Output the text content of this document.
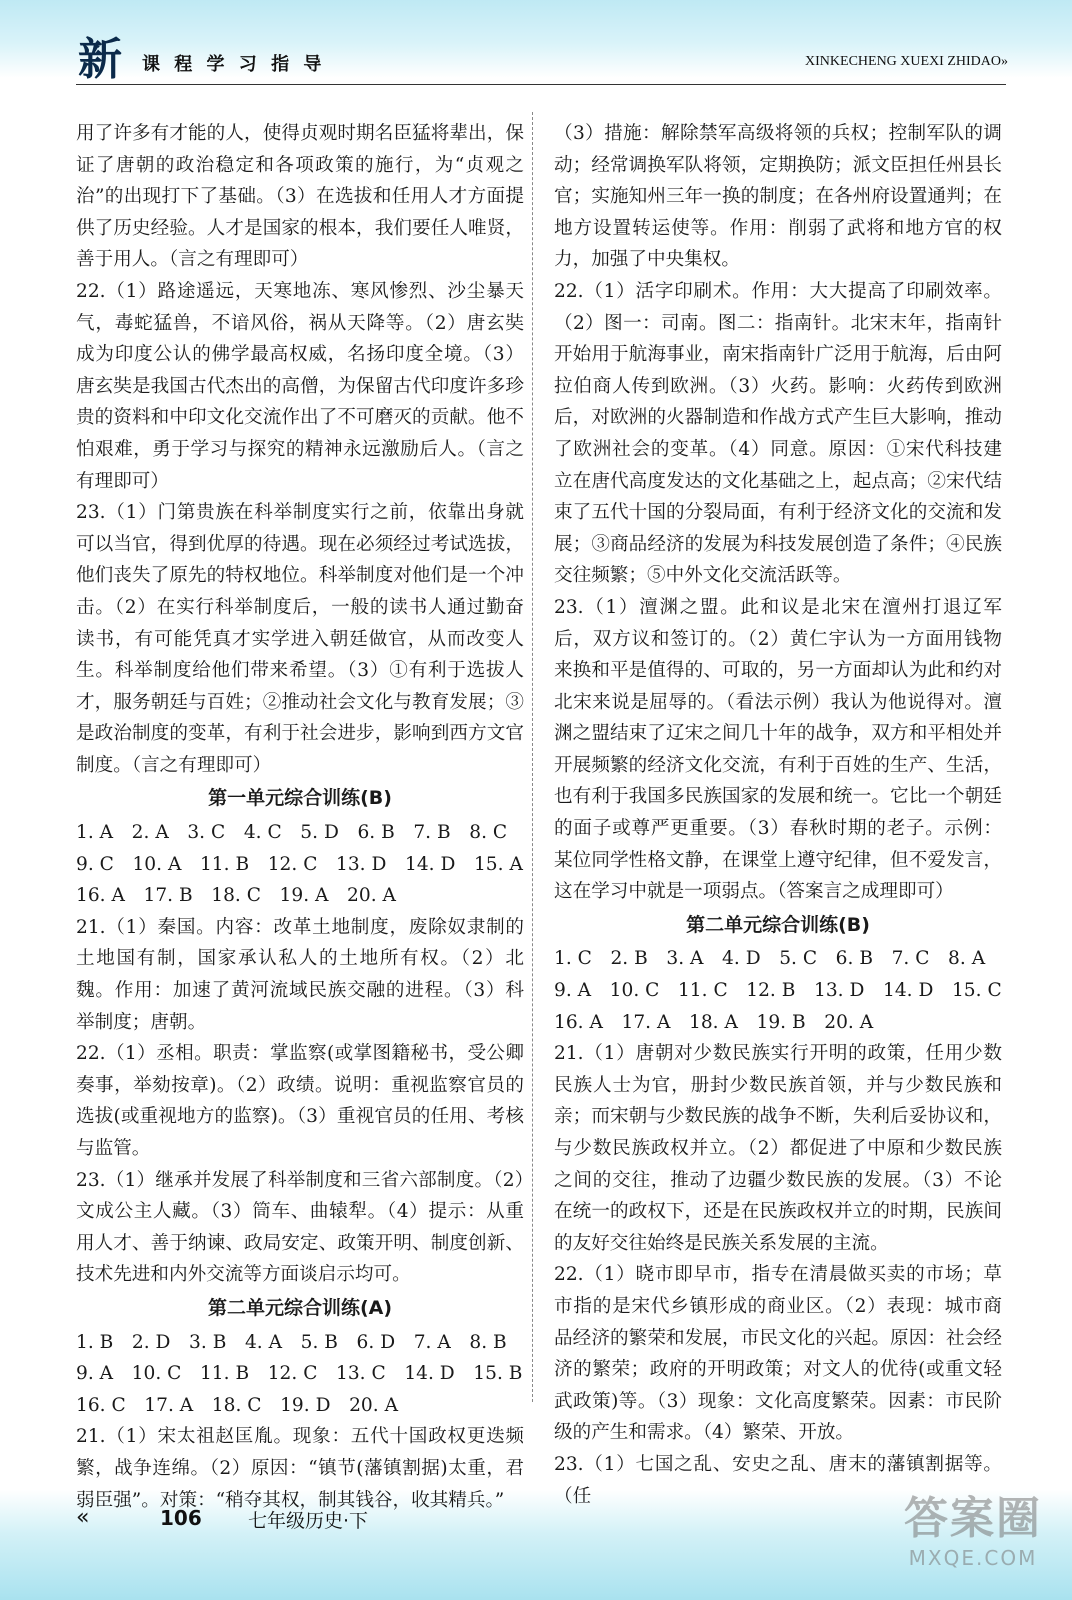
新 课 程 学 习 指 导	XINKECHENG XUEXI ZHIDAO»

用了许多有才能的人，使得贞观时期名臣猛将辈出，保证了唐朝的政治稳定和各项政策的施行，为“贞观之治”的出现打下了基础。（3）在选拔和任用人才方面提供了历史经验。人才是国家的根本，我们要任人唯贤，善于用人。（言之有理即可）

22.（1）路途遥远，天寒地冻、寒风惨烈、沙尘暴天气，毒蛇猛兽，不谙风俗，祸从天降等。（2）唐玄奘成为印度公认的佛学最高权威，名扬印度全境。（3）唐玄奘是我国古代杰出的高僧，为保留古代印度许多珍贵的资料和中印文化交流作出了不可磨灭的贡献。他不怕艰难，勇于学习与探究的精神永远激励后人。（言之有理即可）

23.（1）门第贵族在科举制度实行之前，依靠出身就可以当官，得到优厚的待遇。现在必须经过考试选拔，他们丧失了原先的特权地位。科举制度对他们是一个冲击。（2）在实行科举制度后，一般的读书人通过勤奋读书，有可能凭真才实学进入朝廷做官，从而改变人生。科举制度给他们带来希望。（3）①有利于选拔人才，服务朝廷与百姓；②推动社会文化与教育发展；③是政治制度的变革，有利于社会进步，影响到西方文官制度。（言之有理即可）

第一单元综合训练(B)

1. A　2. A　3. C　4. C　5. D　6. B　7. B　8. C

9. C　10. A　11. B　12. C　13. D　14. D　15. A

16. A　17. B　18. C　19. A　20. A

21.（1）秦国。内容：改革土地制度，废除奴隶制的土地国有制，国家承认私人的土地所有权。（2）北魏。作用：加速了黄河流域民族交融的进程。（3）科举制度；唐朝。

22.（1）丞相。职责：掌监察(或掌图籍秘书，受公卿奏事，举劾按章)。（2）政绩。说明：重视监察官员的选拔(或重视地方的监察)。（3）重视官员的任用、考核与监管。

23.（1）继承并发展了科举制度和三省六部制度。（2）文成公主人藏。（3）筒车、曲辕犁。（4）提示：从重用人才、善于纳谏、政局安定、政策开明、制度创新、技术先进和内外交流等方面谈启示均可。

第二单元综合训练(A)

1. B　2. D　3. B　4. A　5. B　6. D　7. A　8. B

9. A　10. C　11. B　12. C　13. C　14. D　15. B

16. C　17. A　18. C　19. D　20. A

21.（1）宋太祖赵匡胤。现象：五代十国政权更迭频繁，战争连绵。（2）原因：“镇节(藩镇割据)太重，君弱臣强”。对策：“稍夺其权，制其钱谷，收其精兵。”

（3）措施：解除禁军高级将领的兵权；控制军队的调动；经常调换军队将领，定期换防；派文臣担任州县长官；实施知州三年一换的制度；在各州府设置通判；在地方设置转运使等。作用：削弱了武将和地方官的权力，加强了中央集权。

22.（1）活字印刷术。作用：大大提高了印刷效率。（2）图一：司南。图二：指南针。北宋末年，指南针开始用于航海事业，南宋指南针广泛用于航海，后由阿拉伯商人传到欧洲。（3）火药。影响：火药传到欧洲后，对欧洲的火器制造和作战方式产生巨大影响，推动了欧洲社会的变革。（4）同意。原因：①宋代科技建立在唐代高度发达的文化基础之上，起点高；②宋代结束了五代十国的分裂局面，有利于经济文化的交流和发展；③商品经济的发展为科技发展创造了条件；④民族交往频繁；⑤中外文化交流活跃等。

23.（1）澶渊之盟。此和议是北宋在澶州打退辽军后，双方议和签订的。（2）黄仁宇认为一方面用钱物来换和平是值得的、可取的，另一方面却认为此和约对北宋来说是屈辱的。（看法示例）我认为他说得对。澶渊之盟结束了辽宋之间几十年的战争，双方和平相处并开展频繁的经济文化交流，有利于百姓的生产、生活，也有利于我国多民族国家的发展和统一。它比一个朝廷的面子或尊严更重要。（3）春秋时期的老子。示例：某位同学性格文静，在课堂上遵守纪律，但不爱发言，这在学习中就是一项弱点。（答案言之成理即可）

第二单元综合训练(B)

1. C　2. B　3. A　4. D　5. C　6. B　7. C　8. A

9. A　10. C　11. C　12. B　13. D　14. D　15. C

16. A　17. A　18. A　19. B　20. A

21.（1）唐朝对少数民族实行开明的政策，任用少数民族人士为官，册封少数民族首领，并与少数民族和亲；而宋朝与少数民族的战争不断，失利后妥协议和，与少数民族政权并立。（2）都促进了中原和少数民族之间的交往，推动了边疆少数民族的发展。（3）不论在统一的政权下，还是在民族政权并立的时期，民族间的友好交往始终是民族关系发展的主流。

22.（1）晓市即早市，指专在清晨做买卖的市场；草市指的是宋代乡镇形成的商业区。（2）表现：城市商品经济的繁荣和发展，市民文化的兴起。原因：社会经济的繁荣；政府的开明政策；对文人的优待(或重文轻武政策)等。（3）现象：文化高度繁荣。因素：市民阶级的产生和需求。（4）繁荣、开放。

23.（1）七国之乱、安史之乱、唐末的藩镇割据等。（任

«	106 七年级历史·下	答案圈
MXQE.COM
